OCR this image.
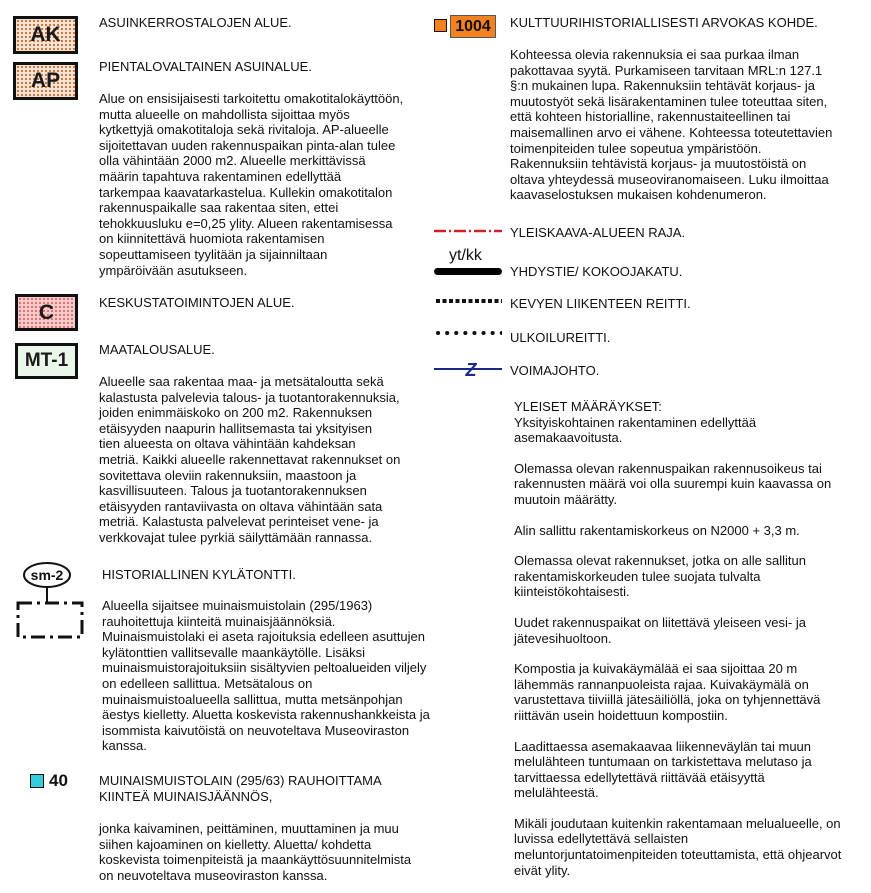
AK
ASUINKERROSTALOJEN ALUE.
AP
PIENTALOVALTAINEN ASUINALUE.
Alue on ensisijaisesti tarkoitettu omakotitalokäyttöön,
mutta alueelle on mahdollista sijoittaa myös
kytkettyjä omakotitaloja sekä rivitaloja. AP-alueelle
sijoitettavan uuden rakennuspaikan pinta-alan tulee
olla vähintään 2000 m2. Alueelle merkittävissä
määrin tapahtuva rakentaminen edellyttää
tarkempaa kaavatarkastelua. Kullekin omakotitalon
rakennuspaikalle saa rakentaa siten, ettei
tehokkuusluku e=0,25 ylity. Alueen rakentamisessa
on kiinnitettävä huomiota rakentamisen
sopeuttamiseen tyylitään ja sijainniltaan
ympäröivään asutukseen.
C	KESKUSTATOIMINTOJEN ALUE.
MT-1
MAATALOUSALUE.
Alueelle saa rakentaa maa- ja metsätaloutta sekä
kalastusta palvelevia talous- ja tuotantorakennuksia,
joiden enimmäiskoko on 200 m2. Rakennuksen
etäisyyden naapurin hallitsemasta tai yksityisen
tien alueesta on oltava vähintään kahdeksan
metriä. Kaikki alueelle rakennettavat rakennukset on
sovitettava oleviin rakennuksiin, maastoon ja
kasvillisuuteen. Talous ja tuotantorakennuksen
etäisyyden rantaviivasta on oltava vähintään sata
metriä. Kalastusta palvelevat perinteiset vene- ja
verkkovajat tulee pyrkiä säilyttämään rannassa.
sm-2	HISTORIALLINEN KYLÄTONTTI.
Alueella sijaitsee muinaismuistolain (295/1963)
rauhoitettuja kiinteitä muinaisjäännöksiä.
Muinaismuistolaki ei aseta rajoituksia edelleen asuttujen
kylätonttien vallitsevalle maankäytölle. Lisäksi
muinaismuistorajoituksiin sisältyvien peltoalueiden viljely
on edelleen sallittua. Metsätalous on
muinaismuistoalueella sallittua, mutta metsänpohjan
äestys kielletty. Aluetta koskevista rakennushankkeista ja
isommista kaivutöistä on neuvoteltava Museoviraston
kanssa.
40 MUINAISMUISTOLAIN (295/63) RAUHOITTAMA
KIINTEÄ MUINAISJÄÄNNÖS,
jonka kaivaminen, peittäminen, muuttaminen ja muu
siihen kajoaminen on kielletty. Aluetta/ kohdetta
koskevista toimenpiteistä ja maankäyttösuunnitelmista
on neuvoteltava museoviraston kanssa.
1004 KULTTUURIHISTORIALLISESTI ARVOKAS KOHDE.
Kohteessa olevia rakennuksia ei saa purkaa ilman
pakottavaa syytä. Purkamiseen tarvitaan MRL:n 127.1
§:n mukainen lupa. Rakennuksiin tehtävät korjaus- ja
muutostyöt sekä lisärakentaminen tulee toteuttaa siten,
että kohteen historialline, rakennustaiteellinen tai
maisemallinen arvo ei vähene. Kohteessa toteutettavien
toimenpiteiden tulee sopeutua ympäristöön.
Rakennuksiin tehtävistä korjaus- ja muutostöistä on
oltava yhteydessä museoviranomaiseen. Luku ilmoittaa
kaavaselostuksen mukaisen kohdenumeron.
YLEISKAAVA-ALUEEN RAJA.
yt/kk
YHDYSTIE/ KOKOOJAKATU.
KEVYEN LIIKENTEEN REITTI.
ULKOILUREITTI.
Z	VOIMAJOHTO.
YLEISET MÄÄRÄYKSET:
Yksityiskohtainen rakentaminen edellyttää
asemakaavoitusta.
Olemassa olevan rakennuspaikan rakennusoikeus tai
rakennusten määrä voi olla suurempi kuin kaavassa on
muutoin määrätty.
Alin sallittu rakentamiskorkeus on N2000 + 3,3 m.
Olemassa olevat rakennukset, jotka on alle sallitun
rakentamiskorkeuden tulee suojata tulvalta
kiinteistökohtaisesti.
Uudet rakennuspaikat on liitettävä yleiseen vesi- ja
jätevesihuoltoon.
Kompostia ja kuivakäymälää ei saa sijoittaa 20 m
lähemmäs rannanpuoleista rajaa. Kuivakäymälä on
varustettava tiiviillä jätesäiliöllä, joka on tyhjennettävä
riittävän usein hoidettuun kompostiin.
Laadittaessa asemakaavaa liikenneväylän tai muun
melulähteen tuntumaan on tarkistettava melutaso ja
tarvittaessa edellytettävä riittävää etäisyyttä
melulähteestä.
Mikäli joudutaan kuitenkin rakentamaan melualueelle, on
luvissa edellytettävä sellaisten
meluntorjuntatoimenpiteiden toteuttamista, että ohjearvot
eivät ylity.
